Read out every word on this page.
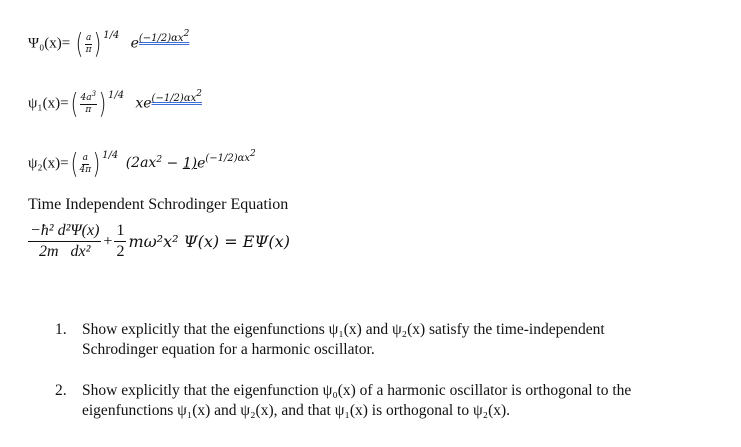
Ψ₀(x)= ( $\frac{a}{\pi}$ ) $^{1/4}$ $e^{(-1/2)\alpha x2}$
$\psi_1(x)=( \frac{4a^3}{\pi}$ ) $^{1/4}$ $xe^{(-1/2)\alpha x2}$
$\psi_2(x)=( \frac{a}{4\pi}$ ) $^{1/4}$ $(2ax^2 - 1)e^{(-1/2)\alpha x2}$
Time Independent Schrodinger Equation
$\frac{\text{−ħ² d²Ψ(x)}}{\text{2m   dx²}} + \frac{1}{2} m\omega^2x^2$ Ψ(x) = EΨ(x)
1. Show explicitly that the eigenfunctions ψ₁(x) and ψ₂(x) satisfy the time-independent
Schrodinger equation for a harmonic oscillator.
2. Show explicitly that the eigenfunction ψ₀(x) of a harmonic oscillator is orthogonal to the
eigenfunctions ψ₁(x) and ψ₂(x), and that ψ₁(x) is orthogonal to ψ₂(x).
